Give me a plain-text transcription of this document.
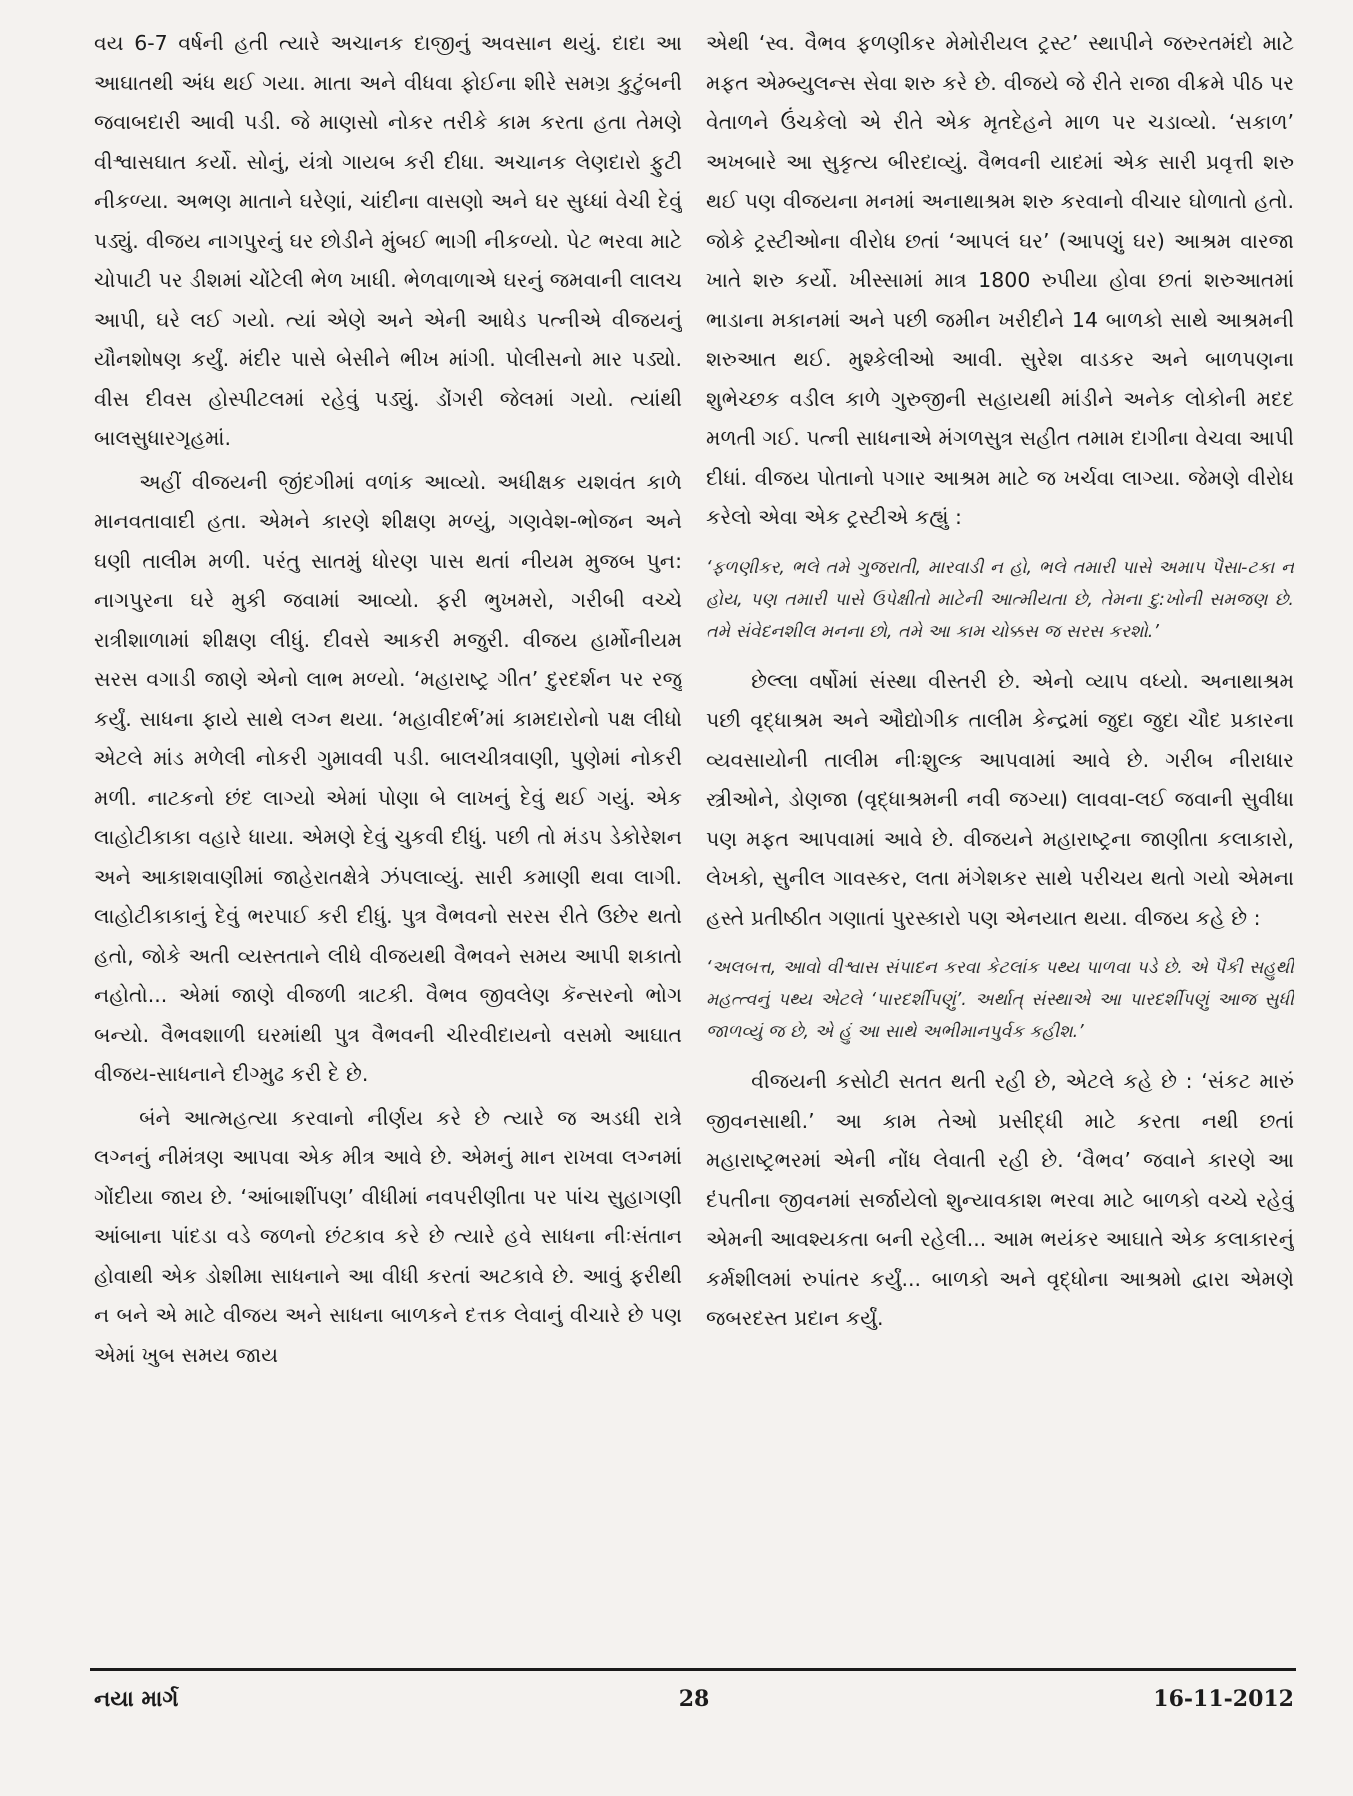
વય 6-7 વર્ષની હતી ત્યારે અચાનક દાજીનું અવસાન થયું. દાદા આ આઘાતથી અંધ થઈ ગયા. માતા અને વીધવા ફોઈના શીરે સમગ્ર કુટુંબની જવાબદારી આવી પડી. જે માણસો નોકર તરીકે કામ કરતા હતા તેમણે વીશ્વાસઘાત કર્યો. સોનું, યંત્રો ગાયબ કરી દીધા. અચાનક લેણદારો ફુટી નીકળ્યા. અભણ માતાને ઘરેણાં, ચાંદીના વાસણો અને ઘર સુધ્ધાં વેચી દેવું પડ્યું. વીજય નાગપુરનું ઘર છોડીને મુંબઈ ભાગી નીકળ્યો. પેટ ભરવા માટે ચોપાટી પર ડીશમાં ચોંટેલી ભેળ ખાધી. ભેળવાળાએ ઘરનું જમવાની લાલચ આપી, ઘરે લઈ ગયો. ત્યાં એણે અને એની આધેડ પત્નીએ વીજયનું યૌનશોષણ કર્યું. મંદીર પાસે બેસીને ભીખ માંગી. પોલીસનો માર પડ્યો. વીસ દીવસ હોસ્પીટલમાં રહેવું પડ્યું. ડોંગરી જેલમાં ગયો. ત્યાંથી બાલસુધારગૃહમાં.

અહીં વીજયની જીંદગીમાં વળાંક આવ્યો. અધીક્ષક યશવંત કાળે માનવતાવાદી હતા. એમને કારણે શીક્ષણ મળ્યું, ગણવેશ-ભોજન અને ઘણી તાલીમ મળી. પરંતુ સાતમું ધોરણ પાસ થતાં નીયમ મુજબ પુન: નાગપુરના ઘરે મુકી જવામાં આવ્યો. ફરી ભુખમરો, ગરીબી વચ્ચે રાત્રીશાળામાં શીક્ષણ લીધું. દીવસે આકરી મજુરી. વીજય હાર્મોનીયમ સરસ વગાડી જાણે એનો લાભ મળ્યો. ‘મહારાષ્ટ્ર ગીત’ દુરદર્શન પર રજુ કર્યું. સાધના ફાયે સાથે લગ્ન થયા. ‘મહાવીદર્ભ’માં કામદારોનો પક્ષ લીધો એટલે માંડ મળેલી નોકરી ગુમાવવી પડી. બાલચીત્રવાણી, પુણેમાં નોકરી મળી. નાટકનો છંદ લાગ્યો એમાં પોણા બે લાખનું દેવું થઈ ગયું. એક લાહોટીકાકા વહારે ધાયા. એમણે દેવું ચુકવી દીધું. પછી તો મંડપ ડેકોરેશન અને આકાશવાણીમાં જાહેરાતક્ષેત્રે ઝંપલાવ્યું. સારી કમાણી થવા લાગી. લાહોટીકાકાનું દેવું ભરપાઈ કરી દીધું. પુત્ર વૈભવનો સરસ રીતે ઉછેર થતો હતો, જોકે અતી વ્યસ્તતાને લીધે વીજયથી વૈભવને સમય આપી શકાતો નહોતો... એમાં જાણે વીજળી ત્રાટકી. વૈભવ જીવલેણ કૅન્સરનો ભોગ બન્યો. વૈભવશાળી ઘરમાંથી પુત્ર વૈભવની ચીરવીદાયનો વસમો આઘાત વીજય-સાધનાને દીગ્મુઢ કરી દે છે.

બંને આત્મહત્યા કરવાનો નીર્ણય કરે છે ત્યારે જ અડધી રાત્રે લગ્નનું નીમંત્રણ આપવા એક મીત્ર આવે છે. એમનું માન રાખવા લગ્નમાં ગોંદીયા જાય છે. ‘આંબાશીંપણ’ વીધીમાં નવપરીણીતા પર પાંચ સુહાગણી આંબાના પાંદડા વડે જળનો છંટકાવ કરે છે ત્યારે હવે સાધના નીઃસંતાન હોવાથી એક ડોશીમા સાધનાને આ વીધી કરતાં અટકાવે છે. આવું ફરીથી ન બને એ માટે વીજય અને સાધના બાળકને દત્તક લેવાનું વીચારે છે પણ એમાં ખુબ સમય જાય

એથી ‘સ્વ. વૈભવ ફળણીકર મેમોરીયલ ટ્રસ્ટ’ સ્થાપીને જરુરતમંદો માટે મફત એમ્બ્યુલન્સ સેવા શરુ કરે છે. વીજયે જે રીતે રાજા વીક્રમે પીઠ પર વેતાળને ઉંચકેલો એ રીતે એક મૃતદેહને માળ પર ચડાવ્યો. ‘સકાળ’ અખબારે આ સુકૃત્ય બીરદાવ્યું. વૈભવની યાદમાં એક સારી પ્રવૃત્તી શરુ થઈ પણ વીજયના મનમાં અનાથાશ્રમ શરુ કરવાનો વીચાર ઘોળાતો હતો. જોકે ટ્રસ્ટીઓના વીરોધ છતાં ‘આપલં ઘર’ (આપણું ઘર) આશ્રમ વારજા ખાતે શરુ કર્યો. ખીસ્સામાં માત્ર 1800 રુપીયા હોવા છતાં શરુઆતમાં ભાડાના મકાનમાં અને પછી જમીન ખરીદીને 14 બાળકો સાથે આશ્રમની શરુઆત થઈ. મુશ્કેલીઓ આવી. સુરેશ વાડકર અને બાળપણના શુભેચ્છક વડીલ કાળે ગુરુજીની સહાયથી માંડીને અનેક લોકોની મદદ મળતી ગઈ. પત્ની સાધનાએ મંગળસુત્ર સહીત તમામ દાગીના વેચવા આપી દીધાં. વીજય પોતાનો પગાર આશ્રમ માટે જ ખર્ચવા લાગ્યા. જેમણે વીરોધ કરેલો એવા એક ટ્રસ્ટીએ કહ્યું :

‘ફળણીકર, ભલે તમે ગુજરાતી, મારવાડી ન હો, ભલે તમારી પાસે અમાપ પૈસા-ટકા ન હોય, પણ તમારી પાસે ઉપેક્ષીતો માટેની આત્મીયતા છે, તેમના દુ:ખોની સમજણ છે. તમે સંવેદનશીલ મનના છો, તમે આ કામ ચોક્કસ જ સરસ કરશો.’

છેલ્લા વર્ષોમાં સંસ્થા વીસ્તરી છે. એનો વ્યાપ વધ્યો. અનાથાશ્રમ પછી વૃદ્ધાશ્રમ અને ઔદ્યોગીક તાલીમ કેન્દ્રમાં જુદા જુદા ચૌદ પ્રકારના વ્યવસાયોની તાલીમ નીઃશુલ્ક આપવામાં આવે છે. ગરીબ નીરાધાર સ્ત્રીઓને, ડોણજા (વૃદ્ધાશ્રમની નવી જગ્યા) લાવવા-લઈ જવાની સુવીધા પણ મફત આપવામાં આવે છે. વીજયને મહારાષ્ટ્રના જાણીતા કલાકારો, લેખકો, સુનીલ ગાવસ્કર, લતા મંગેશકર સાથે પરીચય થતો ગયો એમના હસ્તે પ્રતીષ્ઠીત ગણાતાં પુરસ્કારો પણ એનયાત થયા. વીજય કહે છે :

‘અલબત્ત, આવો વીશ્વાસ સંપાદન કરવા કેટલાંક પથ્ય પાળવા પડે છે. એ પૈકી સહુથી મહત્ત્વનું પથ્ય એટલે ‘પારદર્શીપણું’. અર્થાત્ સંસ્થાએ આ પારદર્શીપણું આજ સુધી જાળવ્યું જ છે, એ હું આ સાથે અભીમાનપુર્વક કહીશ.’

વીજયની કસોટી સતત થતી રહી છે, એટલે કહે છે : ‘સંકટ મારું જીવનસાથી.’ આ કામ તેઓ પ્રસીદ્ધી માટે કરતા નથી છતાં મહારાષ્ટ્રભરમાં એની નોંધ લેવાતી રહી છે. ‘વૈભવ’ જવાને કારણે આ દંપતીના જીવનમાં સર્જાયેલો શુન્યાવકાશ ભરવા માટે બાળકો વચ્ચે રહેવું એમની આવશ્યકતા બની રહેલી... આમ ભયંકર આઘાતે એક કલાકારનું કર્મશીલમાં રુપાંતર કર્યું... બાળકો અને વૃદ્ધોના આશ્રમો દ્વારા એમણે જબરદસ્ત પ્રદાન કર્યું.

નયા માર્ગ	28	16-11-2012
